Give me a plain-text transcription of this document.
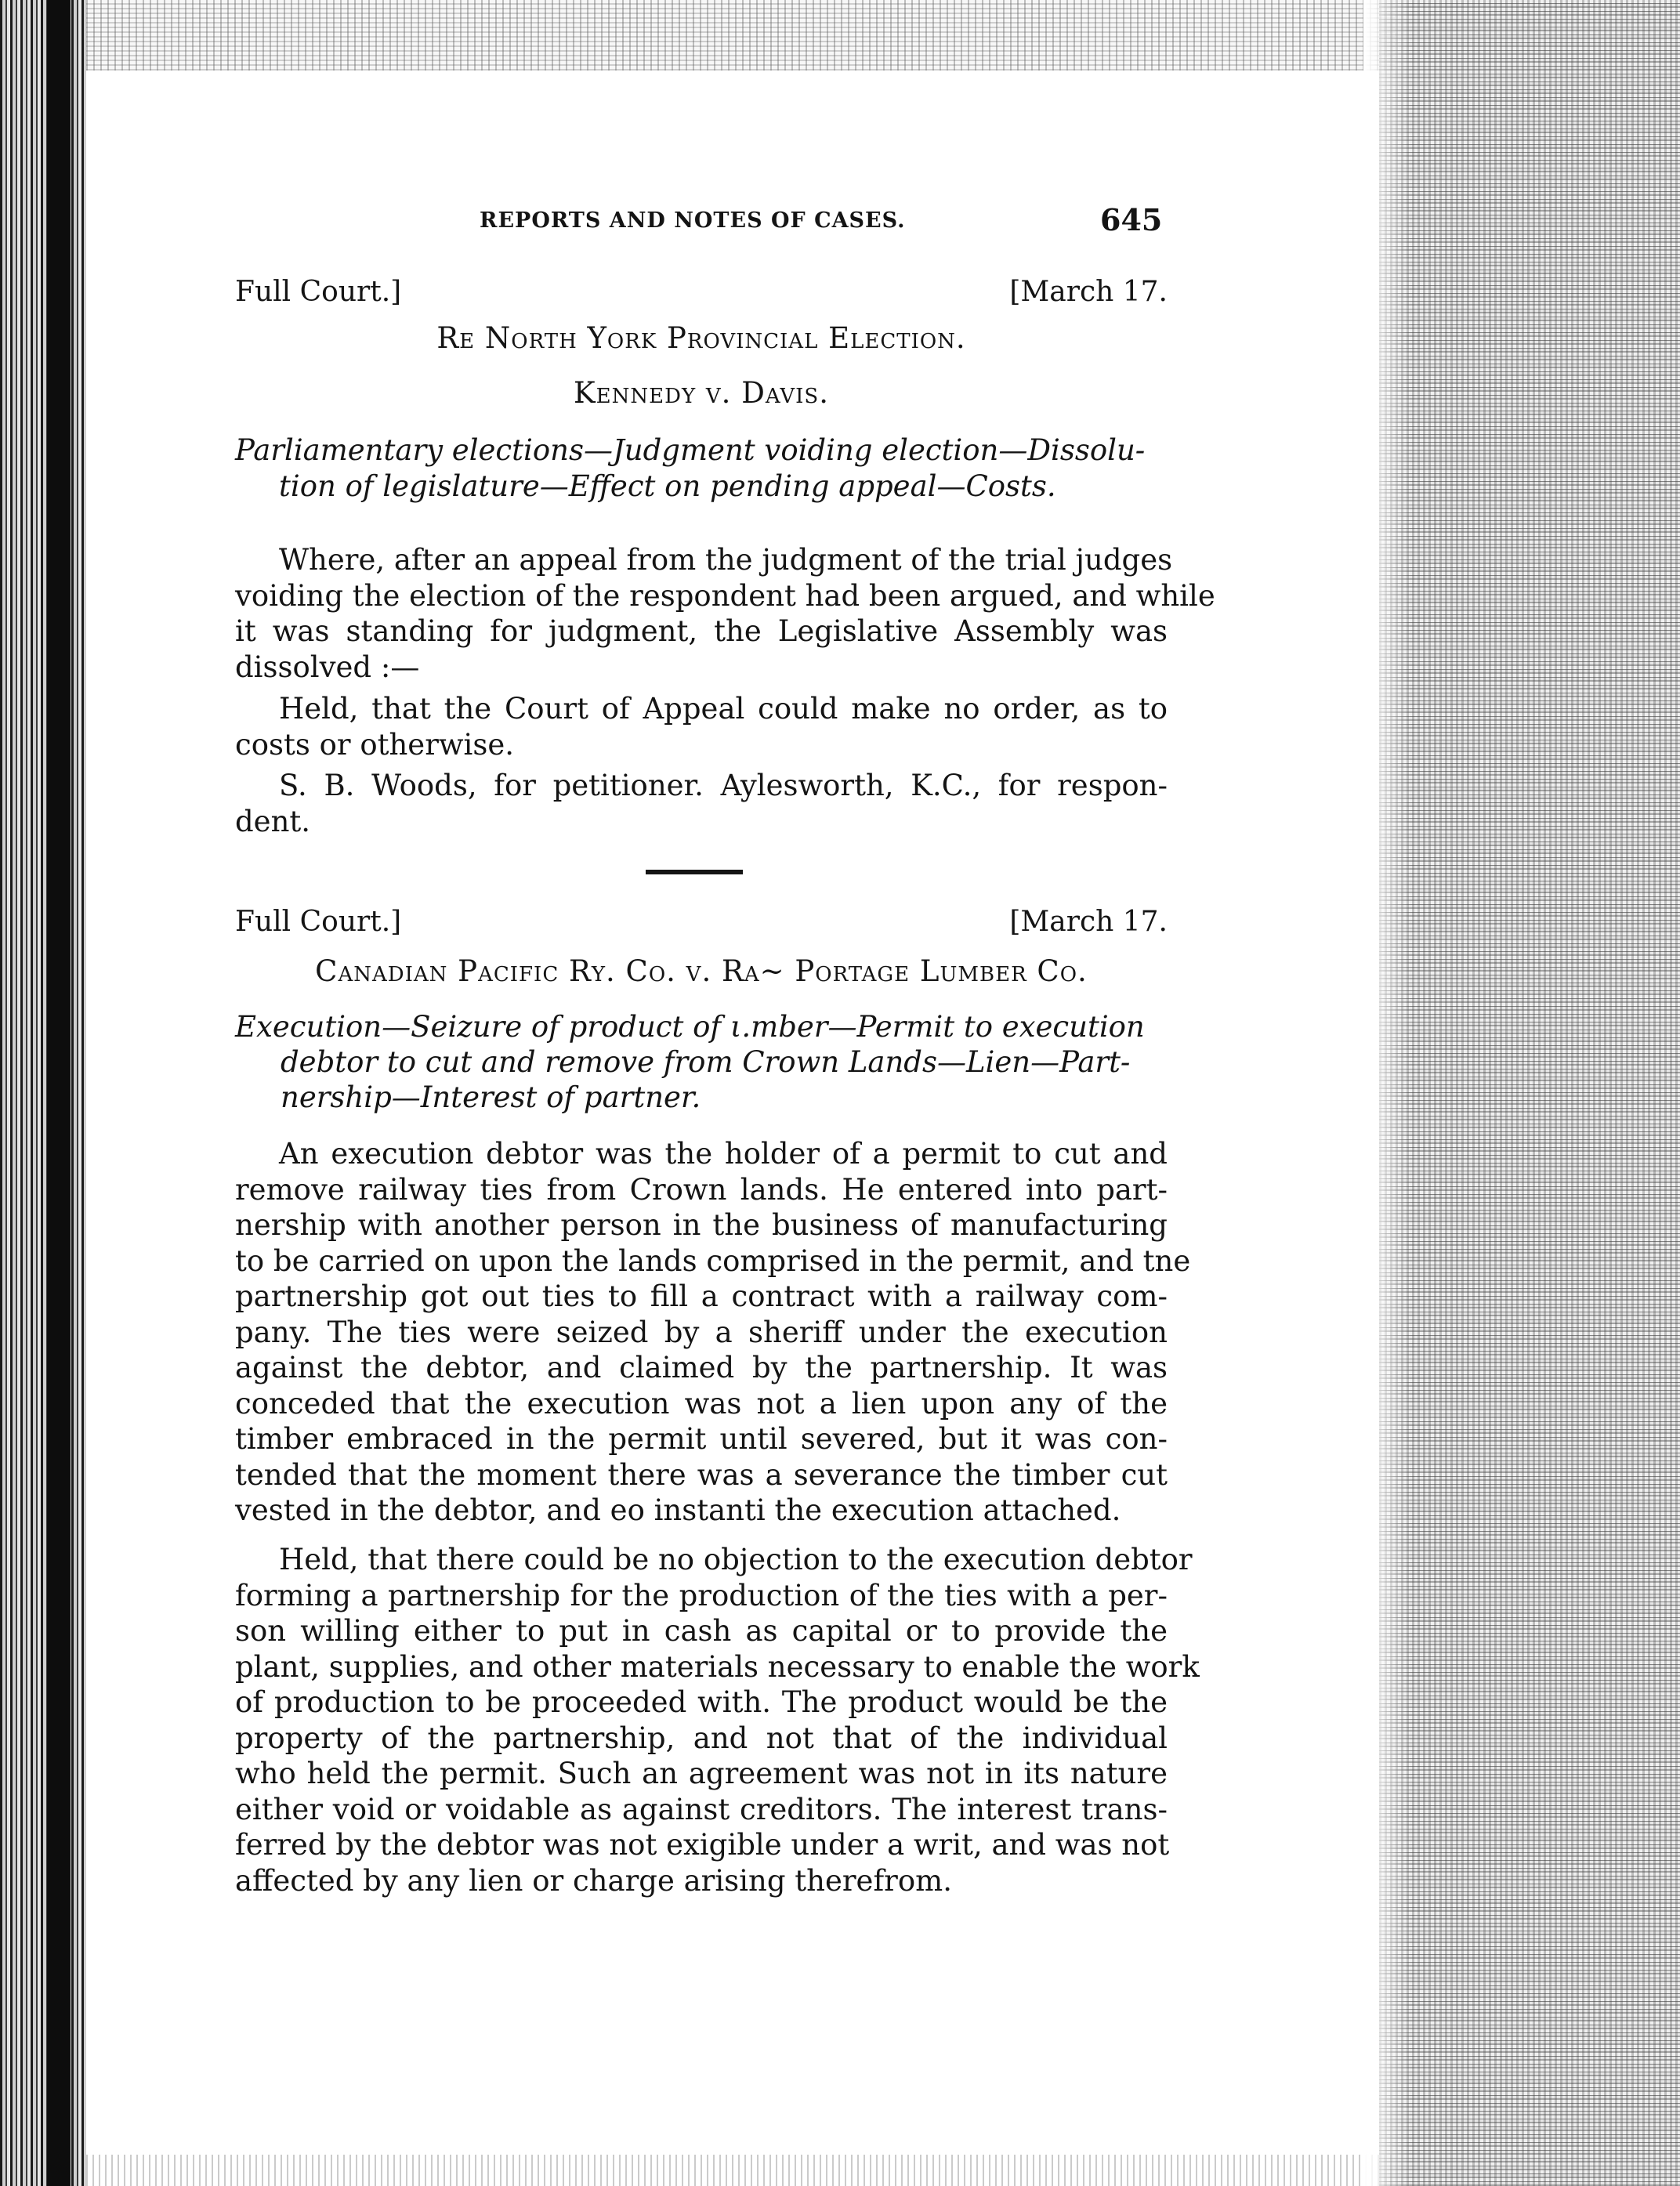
REPORTS AND NOTES OF CASES.	645
Full Court.]	[March 17.
Re North York Provincial Election.
Kennedy v. Davis.
Parliamentary elections—Judgment voiding election—Dissolu-
tion of legislature—Effect on pending appeal—Costs.
Where, after an appeal from the judgment of the trial judges
voiding the election of the respondent had been argued, and while
it was standing for judgment, the Legislative Assembly was
dissolved :—
Held, that the Court of Appeal could make no order, as to
costs or otherwise.
S. B. Woods, for petitioner. Aylesworth, K.C., for respon-
dent.
Full Court.]	[March 17.
Canadian Pacific Ry. Co. v. Ra~ Portage Lumber Co.
Execution—Seizure of product of ι.mber—Permit to execution
debtor to cut and remove from Crown Lands—Lien—Part-
nership—Interest of partner.
An execution debtor was the holder of a permit to cut and
remove railway ties from Crown lands. He entered into part-
nership with another person in the business of manufacturing
to be carried on upon the lands comprised in the permit, and tne
partnership got out ties to fill a contract with a railway com-
pany. The ties were seized by a sheriff under the execution
against the debtor, and claimed by the partnership. It was
conceded that the execution was not a lien upon any of the
timber embraced in the permit until severed, but it was con-
tended that the moment there was a severance the timber cut
vested in the debtor, and eo instanti the execution attached.
Held, that there could be no objection to the execution debtor
forming a partnership for the production of the ties with a per-
son willing either to put in cash as capital or to provide the
plant, supplies, and other materials necessary to enable the work
of production to be proceeded with. The product would be the
property of the partnership, and not that of the individual
who held the permit. Such an agreement was not in its nature
either void or voidable as against creditors. The interest trans-
ferred by the debtor was not exigible under a writ, and was not
affected by any lien or charge arising therefrom.
